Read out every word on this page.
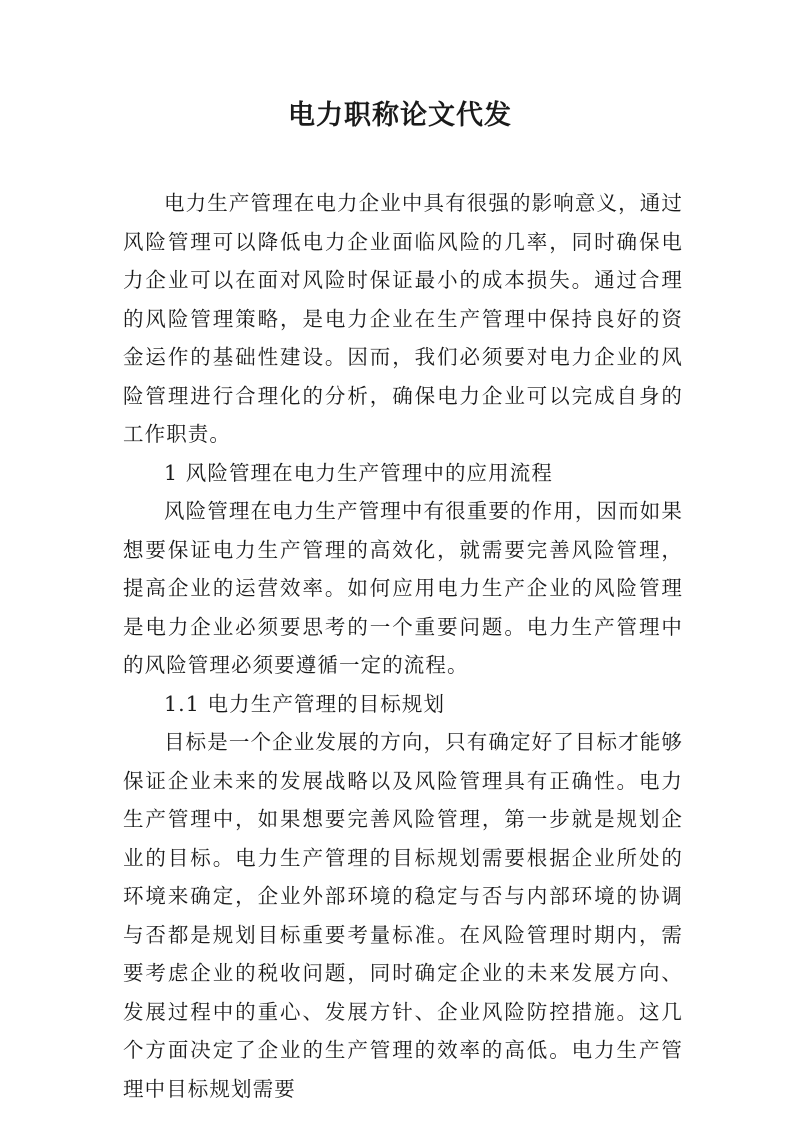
电力职称论文代发

电力生产管理在电力企业中具有很强的影响意义，通过风险管理可以降低电力企业面临风险的几率，同时确保电力企业可以在面对风险时保证最小的成本损失。通过合理的风险管理策略，是电力企业在生产管理中保持良好的资金运作的基础性建设。因而，我们必须要对电力企业的风险管理进行合理化的分析，确保电力企业可以完成自身的工作职责。

1 风险管理在电力生产管理中的应用流程

风险管理在电力生产管理中有很重要的作用，因而如果想要保证电力生产管理的高效化，就需要完善风险管理，提高企业的运营效率。如何应用电力生产企业的风险管理是电力企业必须要思考的一个重要问题。电力生产管理中的风险管理必须要遵循一定的流程。

1.1 电力生产管理的目标规划

目标是一个企业发展的方向，只有确定好了目标才能够保证企业未来的发展战略以及风险管理具有正确性。电力生产管理中，如果想要完善风险管理，第一步就是规划企业的目标。电力生产管理的目标规划需要根据企业所处的环境来确定，企业外部环境的稳定与否与内部环境的协调与否都是规划目标重要考量标准。在风险管理时期内，需要考虑企业的税收问题，同时确定企业的未来发展方向、发展过程中的重心、发展方针、企业风险防控措施。这几个方面决定了企业的生产管理的效率的高低。电力生产管理中目标规划需要
